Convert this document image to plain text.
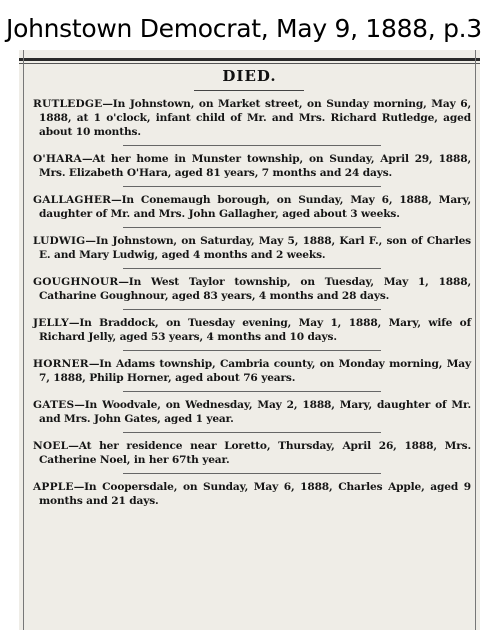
Johnstown Democrat, May 9, 1888, p.3
DIED.

RUTLEDGE—In Johnstown, on Market street, on Sunday morning, May 6, 1888, at 1 o'clock, infant child of Mr. and Mrs. Richard Rutledge, aged about 10 months.

O'HARA—At her home in Munster township, on Sunday, April 29, 1888, Mrs. Elizabeth O'Hara, aged 81 years, 7 months and 24 days.

GALLAGHER—In Conemaugh borough, on Sunday, May 6, 1888, Mary, daughter of Mr. and Mrs. John Gallagher, aged about 3 weeks.

LUDWIG—In Johnstown, on Saturday, May 5, 1888, Karl F., son of Charles E. and Mary Ludwig, aged 4 months and 2 weeks.

GOUGHNOUR—In West Taylor township, on Tuesday, May 1, 1888, Catharine Goughnour, aged 83 years, 4 months and 28 days.

JELLY—In Braddock, on Tuesday evening, May 1, 1888, Mary, wife of Richard Jelly, aged 53 years, 4 months and 10 days.

HORNER—In Adams township, Cambria county, on Monday morning, May 7, 1888, Philip Horner, aged about 76 years.

GATES—In Woodvale, on Wednesday, May 2, 1888, Mary, daughter of Mr. and Mrs. John Gates, aged 1 year.

NOEL—At her residence near Loretto, Thursday, April 26, 1888, Mrs. Catherine Noel, in her 67th year.

APPLE—In Coopersdale, on Sunday, May 6, 1888, Charles Apple, aged 9 months and 21 days.
